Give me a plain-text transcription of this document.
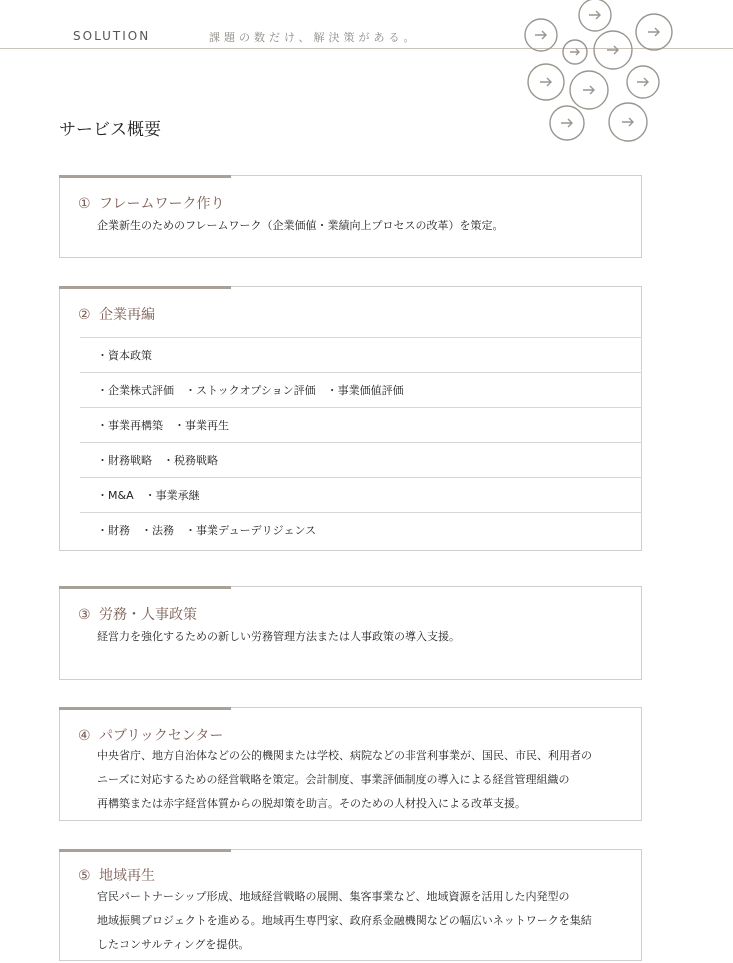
SOLUTION	課題の数だけ、解決策がある。
サービス概要
① フレームワーク作り
企業新生のためのフレームワーク（企業価値・業績向上プロセスの改革）を策定。
② 企業再編
・資本政策
・企業株式評価　・ストックオプション評価　・事業価値評価
・事業再構築　・事業再生
・財務戦略　・税務戦略
・M&A　・事業承継
・財務　・法務　・事業デューデリジェンス
③ 労務・人事政策
経営力を強化するための新しい労務管理方法または人事政策の導入支援。
④ パブリックセンター
中央省庁、地方自治体などの公的機関または学校、病院などの非営利事業が、国民、市民、利用者の
ニーズに対応するための経営戦略を策定。会計制度、事業評価制度の導入による経営管理組織の
再構築または赤字経営体質からの脱却策を助言。そのための人材投入による改革支援。
⑤ 地域再生
官民パートナーシップ形成、地域経営戦略の展開、集客事業など、地域資源を活用した内発型の
地域振興プロジェクトを進める。地域再生専門家、政府系金融機関などの幅広いネットワークを集結
したコンサルティングを提供。
